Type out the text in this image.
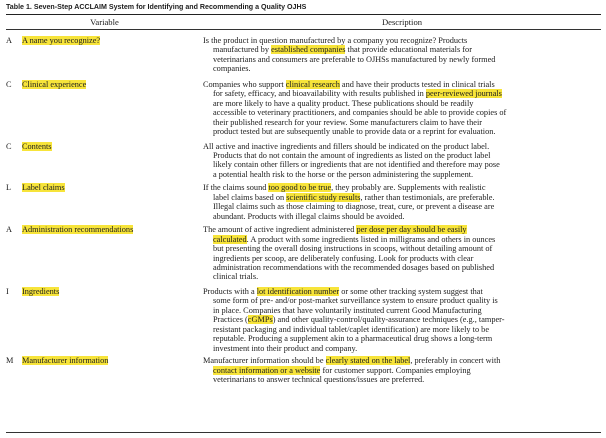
Table 1. Seven-Step ACCLAIM System for Identifying and Recommending a Quality OJHS
Variable	Description
A	A name you recognize?	Is the product in question manufactured by a company you recognize? Products
manufactured by established companies that provide educational materials for
veterinarians and consumers are preferable to OJHSs manufactured by newly formed
companies.
C	Clinical experience	Companies who support clinical research and have their products tested in clinical trials
for safety, efficacy, and bioavailability with results published in peer-reviewed journals
are more likely to have a quality product. These publications should be readily
accessible to veterinary practitioners, and companies should be able to provide copies of
their published research for your review. Some manufacturers claim to have their
product tested but are subsequently unable to provide data or a reprint for evaluation.
C	Contents	All active and inactive ingredients and fillers should be indicated on the product label.
Products that do not contain the amount of ingredients as listed on the product label
likely contain other fillers or ingredients that are not identified and therefore may pose
a potential health risk to the horse or the person administering the supplement.
L	Label claims	If the claims sound too good to be true, they probably are. Supplements with realistic
label claims based on scientific study results, rather than testimonials, are preferable.
Illegal claims such as those claiming to diagnose, treat, cure, or prevent a disease are
abundant. Products with illegal claims should be avoided.
A	Administration recommendations	The amount of active ingredient administered per dose per day should be easily
calculated. A product with some ingredients listed in milligrams and others in ounces
but presenting the overall dosing instructions in scoops, without detailing amount of
ingredients per scoop, are deliberately confusing. Look for products with clear
administration recommendations with the recommended dosages based on published
clinical trials.
I	Ingredients	Products with a lot identification number or some other tracking system suggest that
some form of pre- and/or post-market surveillance system to ensure product quality is
in place. Companies that have voluntarily instituted current Good Manufacturing
Practices (cGMPs) and other quality-control/quality-assurance techniques (e.g., tamper-
resistant packaging and individual tablet/caplet identification) are more likely to be
reputable. Producing a supplement akin to a pharmaceutical drug shows a long-term
investment into their product and company.
M	Manufacturer information	Manufacturer information should be clearly stated on the label, preferably in concert with
contact information or a website for customer support. Companies employing
veterinarians to answer technical questions/issues are preferred.
